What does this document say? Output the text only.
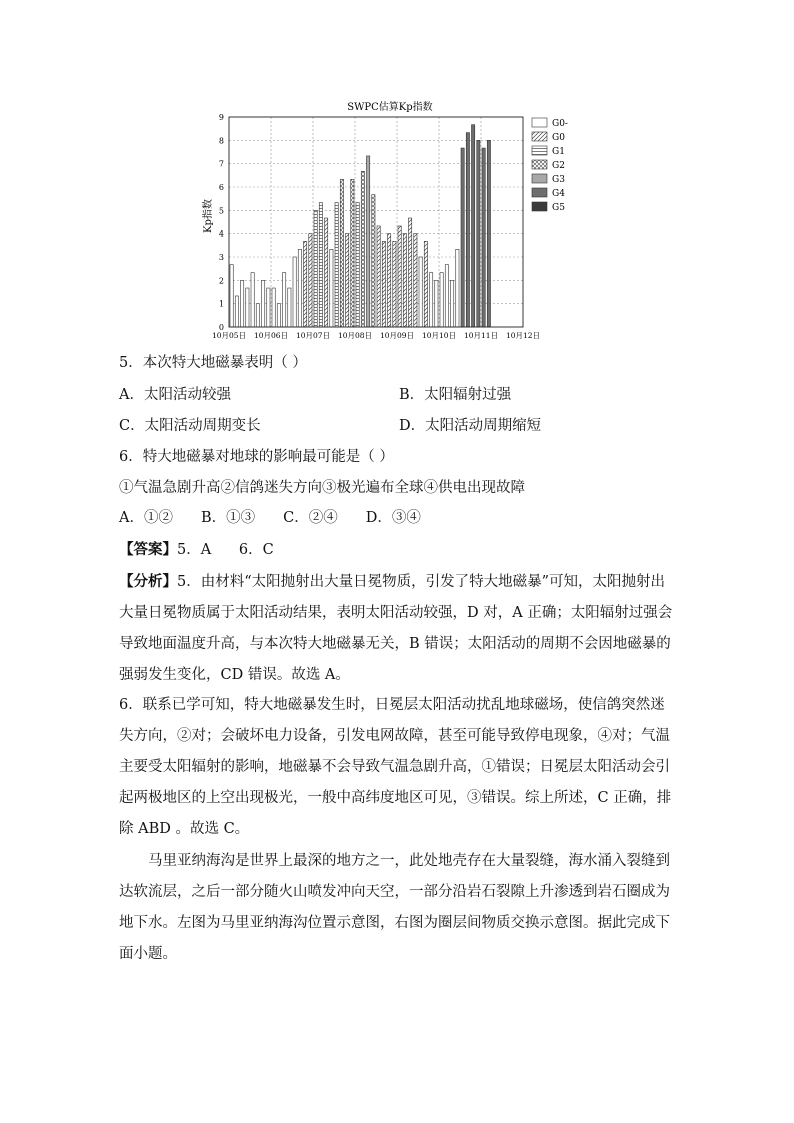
SWPC估算Kp指数
0
1
2
3
4
5
6
7
8
9
10月05日 10月06日 10月07日 10月08日 10月09日 10月10日 10月11日 10月12日
Kp指数
G0-
G0
G1
G2
G3
G4
G5
5．本次特大地磁暴表明（ ）
A．太阳活动较强	B．太阳辐射过强
C．太阳活动周期变长	D．太阳活动周期缩短
6．特大地磁暴对地球的影响最可能是（ ）
①气温急剧升高②信鸽迷失方向③极光遍布全球④供电出现故障
A．①② B．①③ C．②④ D．③④
【答案】5．A      6．C
【分析】5．由材料“太阳抛射出大量日冕物质，引发了特大地磁暴”可知，太阳抛射出大量日冕物质属于太阳活动结果，表明太阳活动较强，D 对，A 正确；太阳辐射过强会导致地面温度升高，与本次特大地磁暴无关，B 错误；太阳活动的周期不会因地磁暴的强弱发生变化，CD 错误。故选 A。
6．联系已学可知，特大地磁暴发生时，日冕层太阳活动扰乱地球磁场，使信鸽突然迷失方向，②对；会破坏电力设备，引发电网故障，甚至可能导致停电现象，④对；气温主要受太阳辐射的影响，地磁暴不会导致气温急剧升高，①错误；日冕层太阳活动会引起两极地区的上空出现极光，一般中高纬度地区可见，③错误。综上所述，C 正确，排除 ABD 。故选 C。
马里亚纳海沟是世界上最深的地方之一，此处地壳存在大量裂缝，海水涌入裂缝到达软流层，之后一部分随火山喷发冲向天空，一部分沿岩石裂隙上升渗透到岩石圈成为地下水。左图为马里亚纳海沟位置示意图，右图为圈层间物质交换示意图。据此完成下面小题。
